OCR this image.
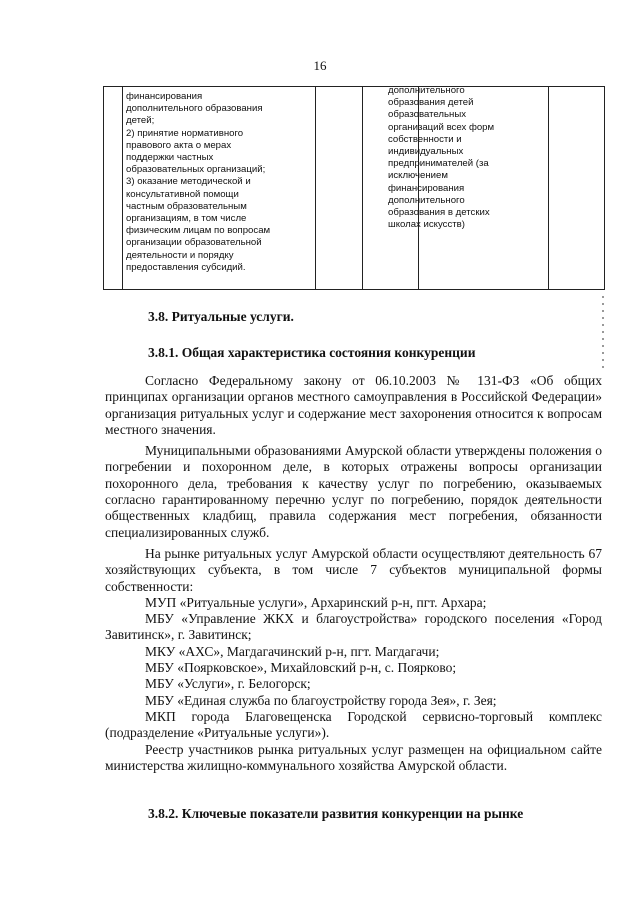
16
финансирования
дополнительного образования
детей;
2) принятие нормативного
правового акта о мерах
поддержки частных
образовательных организаций;
3) оказание методической и
консультативной помощи
частным образовательным
организациям, в том числе
физическим лицам по вопросам
организации образовательной
деятельности и порядку
предоставления субсидий.
дополнительного
образования детей
образовательных
организаций всех форм
собственности и
индивидуальных
предпринимателей (за
исключением
финансирования
дополнительного
образования в детских
школах искусств)
3.8. Ритуальные услуги.
3.8.1. Общая характеристика состояния конкуренции

Согласно Федеральному закону от 06.10.2003 № 131-ФЗ «Об общих принципах организации органов местного самоуправления в Российской Федерации» организация ритуальных услуг и содержание мест захоронения относится к вопросам местного значения.

Муниципальными образованиями Амурской области утверждены положения о погребении и похоронном деле, в которых отражены вопросы организации похоронного дела, требования к качеству услуг по погребению, оказываемых согласно гарантированному перечню услуг по погребению, порядок деятельности общественных кладбищ, правила содержания мест погребения, обязанности специализированных служб.

На рынке ритуальных услуг Амурской области осуществляют деятельность 67 хозяйствующих субъекта, в том числе 7 субъектов муниципальной формы собственности:

МУП «Ритуальные услуги», Архаринский р-н, пгт. Архара;

МБУ «Управление ЖКХ и благоустройства» городского поселения «Город Завитинск», г. Завитинск;

МКУ «АХС», Магдагачинский р-н, пгт. Магдагачи;

МБУ «Поярковское», Михайловский р-н, с. Поярково;

МБУ «Услуги», г. Белогорск;

МБУ «Единая служба по благоустройству города Зея», г. Зея;

МКП города Благовещенска Городской сервисно-торговый комплекс (подразделение «Ритуальные услуги»).

Реестр участников рынка ритуальных услуг размещен на официальном сайте министерства жилищно-коммунального хозяйства Амурской области.

3.8.2. Ключевые показатели развития конкуренции на рынке
